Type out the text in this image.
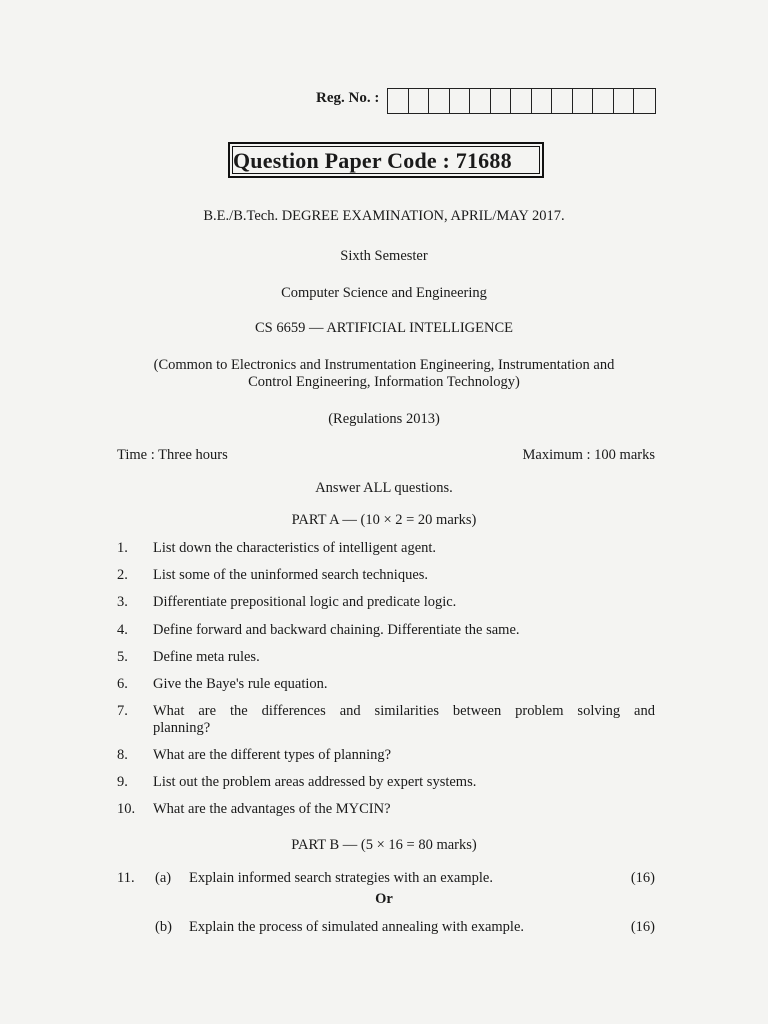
Reg. No. :
Question Paper Code : 71688
B.E./B.Tech. DEGREE EXAMINATION, APRIL/MAY 2017.
Sixth Semester
Computer Science and Engineering
CS 6659 — ARTIFICIAL INTELLIGENCE
(Common to Electronics and Instrumentation Engineering, Instrumentation and
Control Engineering, Information Technology)
(Regulations 2013)
Time : Three hours	Maximum : 100 marks
Answer ALL questions.
PART A — (10 × 2 = 20 marks)
1. List down the characteristics of intelligent agent.
2. List some of the uninformed search techniques.
3. Differentiate prepositional logic and predicate logic.
4. Define forward and backward chaining. Differentiate the same.
5. Define meta rules.
6. Give the Baye's rule equation.
7. What are the differences and similarities between problem solving and
planning?
8. What are the different types of planning?
9. List out the problem areas addressed by expert systems.
10. What are the advantages of the MYCIN?
PART B — (5 × 16 = 80 marks)
11. (a) Explain informed search strategies with an example.	(16)
Or
(b) Explain the process of simulated annealing with example.	(16)
